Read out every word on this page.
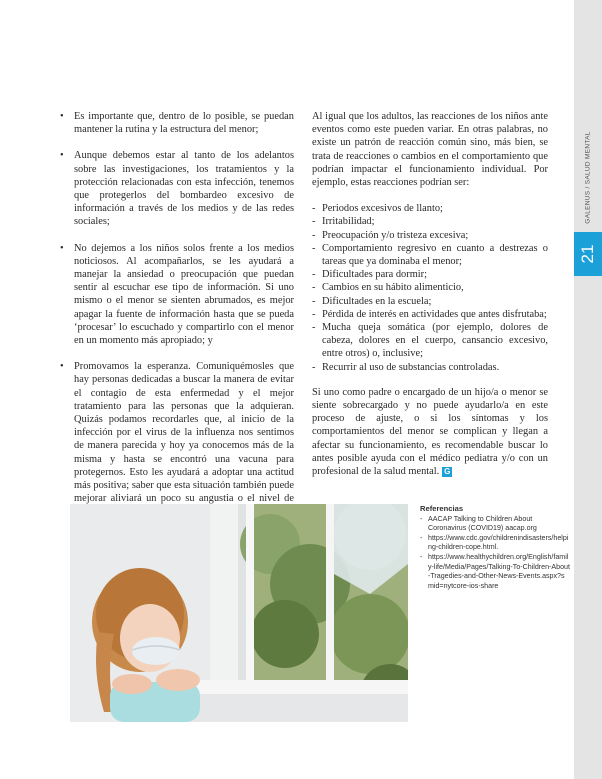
GALENUS / SALUD MENTAL
21
• Es importante que, dentro de lo posible, se puedan mantener la rutina y la estructura del menor;
• Aunque debemos estar al tanto de los adelantos sobre las investigaciones, los tratamientos y la protección relacionadas con esta infección, tenemos que protegerlos del bombardeo excesivo de información a través de los medios y de las redes sociales;
• No dejemos a los niños solos frente a los medios noticiosos. Al acompañarlos, se les ayudará a manejar la ansiedad o preocupación que puedan sentir al escuchar ese tipo de información. Si uno mismo o el menor se sienten abrumados, es mejor apagar la fuente de información hasta que se pueda ‘procesar’ lo escuchado y compartirlo con el menor en un momento más apropiado; y
• Promovamos la esperanza. Comuniquémosles que hay personas dedicadas a buscar la manera de evitar el contagio de esta enfermedad y el mejor tratamiento para las personas que la adquieran. Quizás podamos recordarles que, al inicio de la infección por el virus de la influenza nos sentimos de manera parecida y hoy ya conocemos más de la misma y hasta se encontró una vacuna para protegernos. Esto les ayudará a adoptar una actitud más positiva; saber que esta situación también puede mejorar aliviará un poco su angustia o el nivel de

Al igual que los adultos, las reacciones de los niños ante eventos como este pueden variar. En otras palabras, no existe un patrón de reacción común sino, más bien, se trata de reacciones o cambios en el comportamiento que podrían impactar el funcionamiento individual. Por ejemplo, estas reacciones podrían ser:

- Periodos excesivos de llanto;
- Irritabilidad;
- Preocupación y/o tristeza excesiva;
- Comportamiento regresivo en cuanto a destrezas o tareas que ya dominaba el menor;
- Dificultades para dormir;
- Cambios en su hábito alimenticio,
- Dificultades en la escuela;
- Pérdida de interés en actividades que antes disfrutaba;
- Mucha queja somática (por ejemplo, dolores de cabeza, dolores en el cuerpo, cansancio excesivo, entre otros) o, inclusive;
- Recurrir al uso de substancias controladas.

Si uno como padre o encargado de un hijo/a o menor se siente sobrecargado y no puede ayudarlo/a en este proceso de ajuste, o si los síntomas y los comportamientos del menor se complican y llegan a afectar su funcionamiento, es recomendable buscar lo antes posible ayuda con el médico pediatra y/o con un profesional de la salud mental. G

Referencias
- AACAP Talking to Children About Coronavirus (COVID19) aacap.org
- https://www.cdc.gov/childrenindisasters/helping-children-cope.html.
- https://www.healthychildren.org/English/family-life/Media/Pages/Talking-To-Children-About-Tragedies-and-Other-News-Events.aspx?smid=nytcore-ios-share
